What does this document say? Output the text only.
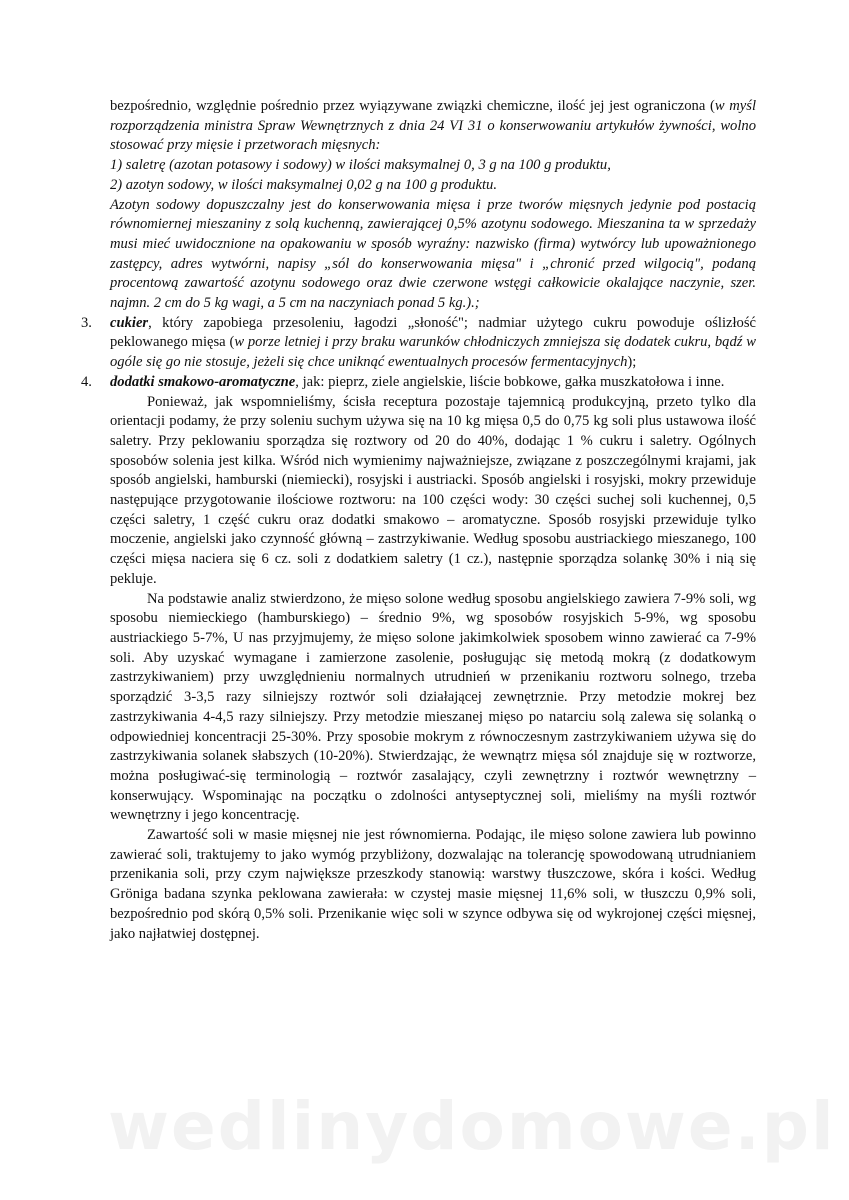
wedlinydomowe.pl

bezpośrednio, względnie pośrednio przez wyiązywane związki chemiczne, ilość jej jest ograniczona (w myśl rozporządzenia ministra Spraw Wewnętrznych z dnia 24 VI 31 o konserwowaniu artykułów żywności, wolno stosować przy mięsie i przetworach mięsnych:
1) saletrę (azotan potasowy i sodowy) w ilości maksymalnej 0, 3 g na 100 g produktu,
2) azotyn sodowy, w ilości maksymalnej 0,02 g na 100 g produktu.
Azotyn sodowy dopuszczalny jest do konserwowania mięsa i prze tworów mięsnych jedynie pod postacią równomiernej mieszaniny z solą kuchenną, zawierającej 0,5% azotynu sodowego. Mieszanina ta w sprzedaży musi mieć uwidocznione na opakowaniu w sposób wyraźny: nazwisko (firma) wytwórcy lub upoważnionego zastępcy, adres wytwórni, napisy „sól do konserwowania mięsa" i „chronić przed wilgocią", podaną procentową zawartość azotynu sodowego oraz dwie czerwone wstęgi całkowicie okalające naczynie, szer. najmn. 2 cm do 5 kg wagi, a 5 cm na naczyniach ponad 5 kg.).;

3. cukier, który zapobiega przesoleniu, łagodzi „słoność"; nadmiar użytego cukru powoduje oślizłość peklowanego mięsa (w porze letniej i przy braku warunków chłodniczych zmniejsza się dodatek cukru, bądź w ogóle się go nie stosuje, jeżeli się chce uniknąć ewentualnych procesów fermentacyjnych);

4. dodatki smakowo-aromatyczne, jak: pieprz, ziele angielskie, liście bobkowe, gałka muszkatołowa i inne.

Ponieważ, jak wspomnieliśmy, ścisła receptura pozostaje tajemnicą produkcyjną, przeto tylko dla orientacji podamy, że przy soleniu suchym używa się na 10 kg mięsa 0,5 do 0,75 kg soli plus ustawowa ilość saletry. Przy peklowaniu sporządza się roztwory od 20 do 40%, dodając 1 % cukru i saletry. Ogólnych sposobów solenia jest kilka. Wśród nich wymienimy najważniejsze, związane z poszczególnymi krajami, jak sposób angielski, hamburski (niemiecki), rosyjski i austriacki. Sposób angielski i rosyjski, mokry przewiduje następujące przygotowanie ilościowe roztworu: na 100 części wody: 30 części suchej soli kuchennej, 0,5 części saletry, 1 część cukru oraz dodatki smakowo – aromatyczne. Sposób rosyjski przewiduje tylko moczenie, angielski jako czynność główną – zastrzykiwanie. Według sposobu austriackiego mieszanego, 100 części mięsa naciera się 6 cz. soli z dodatkiem saletry (1 cz.), następnie sporządza solankę 30% i nią się pekluje.

Na podstawie analiz stwierdzono, że mięso solone według sposobu angielskiego zawiera 7-9% soli, wg sposobu niemieckiego (hamburskiego) – średnio 9%, wg sposobów rosyjskich 5-9%, wg sposobu austriackiego 5-7%, U nas przyjmujemy, że mięso solone jakimkolwiek sposobem winno zawierać ca 7-9% soli. Aby uzyskać wymagane i zamierzone zasolenie, posługując się metodą mokrą (z dodatkowym zastrzykiwaniem) przy uwzględnieniu normalnych utrudnień w przenikaniu roztworu solnego, trzeba sporządzić 3-3,5 razy silniejszy roztwór soli działającej zewnętrznie. Przy metodzie mokrej bez zastrzykiwania 4-4,5 razy silniejszy. Przy metodzie mieszanej mięso po natarciu solą zalewa się solanką o odpowiedniej koncentracji 25-30%. Przy sposobie mokrym z równoczesnym zastrzykiwaniem używa się do zastrzykiwania solanek słabszych (10-20%). Stwierdzając, że wewnątrz mięsa sól znajduje się w roztworze, można posługiwać-się terminologią – roztwór zasalający, czyli zewnętrzny i roztwór wewnętrzny – konserwujący. Wspominając na początku o zdolności antyseptycznej soli, mieliśmy na myśli roztwór wewnętrzny i jego koncentrację.

Zawartość soli w masie mięsnej nie jest równomierna. Podając, ile mięso solone zawiera lub powinno zawierać soli, traktujemy to jako wymóg przybliżony, dozwalając na tolerancję spowodowaną utrudnianiem przenikania soli, przy czym największe przeszkody stanowią: warstwy tłuszczowe, skóra i kości. Według Gröniga badana szynka peklowana zawierała: w czystej masie mięsnej 11,6% soli, w tłuszczu 0,9% soli, bezpośrednio pod skórą 0,5% soli. Przenikanie więc soli w szynce odbywa się od wykrojonej części mięsnej, jako najłatwiej dostępnej.
